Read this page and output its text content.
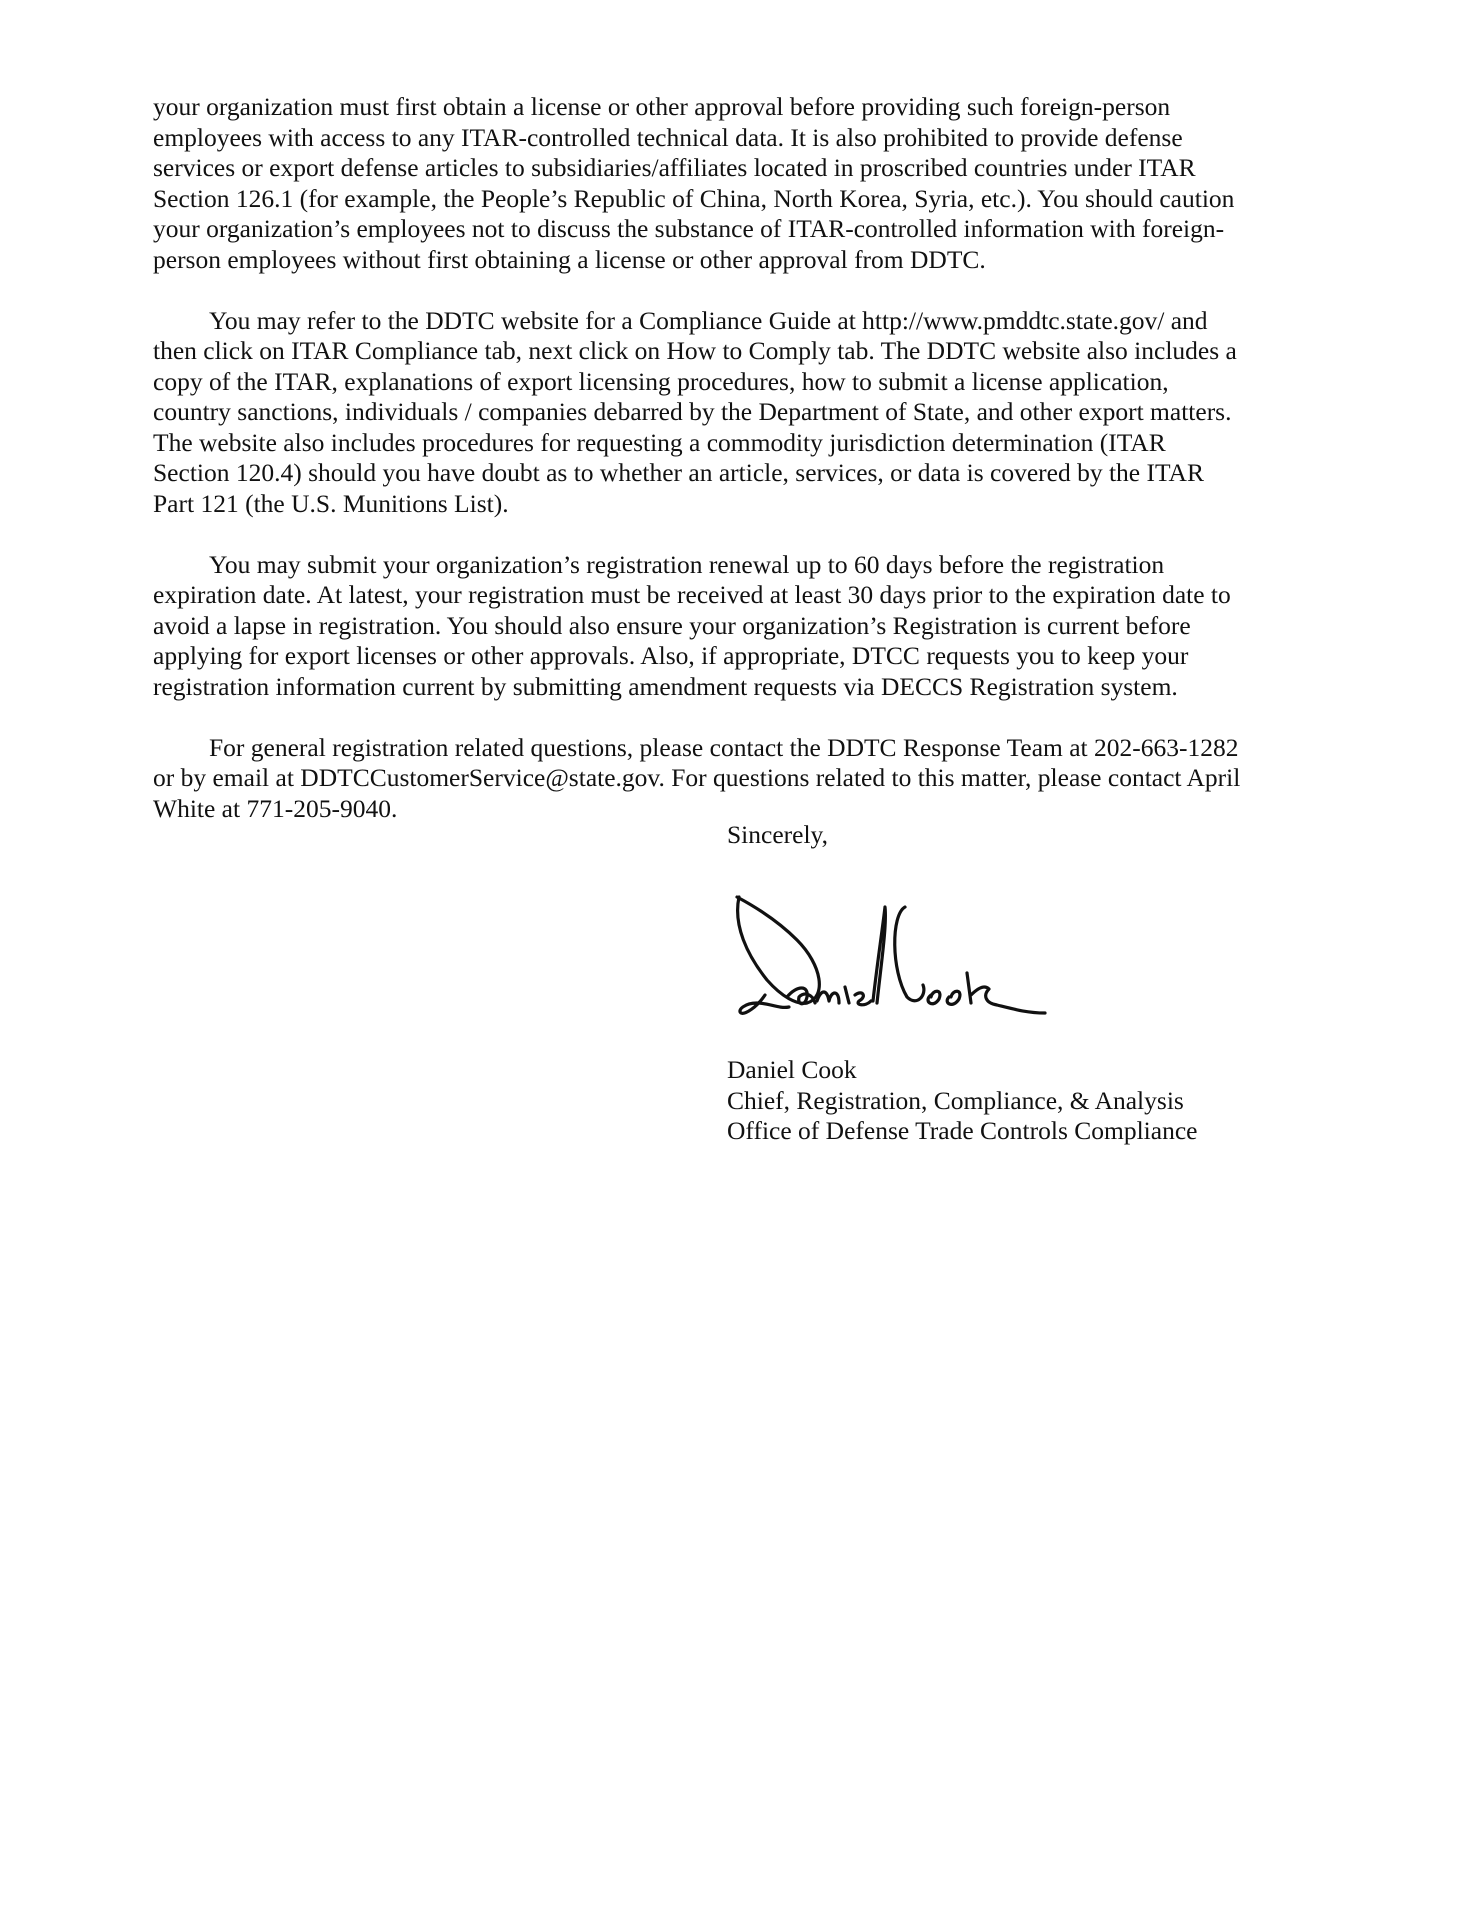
your organization must first obtain a license or other approval before providing such foreign-person
employees with access to any ITAR-controlled technical data. It is also prohibited to provide defense
services or export defense articles to subsidiaries/affiliates located in proscribed countries under ITAR
Section 126.1 (for example, the People’s Republic of China, North Korea, Syria, etc.). You should caution
your organization’s employees not to discuss the substance of ITAR-controlled information with foreign-
person employees without first obtaining a license or other approval from DDTC.

You may refer to the DDTC website for a Compliance Guide at http://www.pmddtc.state.gov/ and
then click on ITAR Compliance tab, next click on How to Comply tab. The DDTC website also includes a
copy of the ITAR, explanations of export licensing procedures, how to submit a license application,
country sanctions, individuals / companies debarred by the Department of State, and other export matters.
The website also includes procedures for requesting a commodity jurisdiction determination (ITAR
Section 120.4) should you have doubt as to whether an article, services, or data is covered by the ITAR
Part 121 (the U.S. Munitions List).

You may submit your organization’s registration renewal up to 60 days before the registration
expiration date. At latest, your registration must be received at least 30 days prior to the expiration date to
avoid a lapse in registration. You should also ensure your organization’s Registration is current before
applying for export licenses or other approvals. Also, if appropriate, DTCC requests you to keep your
registration information current by submitting amendment requests via DECCS Registration system.

For general registration related questions, please contact the DDTC Response Team at 202-663-1282
or by email at DDTCCustomerService@state.gov. For questions related to this matter, please contact April
White at 771-205-9040.

Sincerely,
Daniel Cook
Chief, Registration, Compliance, & Analysis
Office of Defense Trade Controls Compliance
